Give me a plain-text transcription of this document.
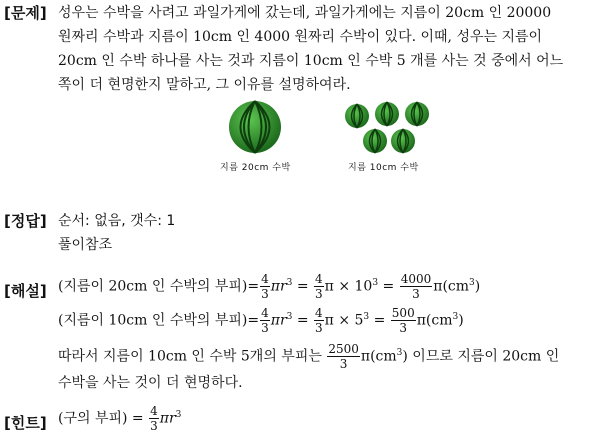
[문제] 성우는 수박을 사려고 과일가게에 갔는데, 과일가게에는 지름이 20cm 인 20000
원짜리 수박과 지름이 10cm 인 4000 원짜리 수박이 있다. 이때, 성우는 지름이
20cm 인 수박 하나를 사는 것과 지름이 10cm 인 수박 5 개를 사는 것 중에서 어느
쪽이 더 현명한지 말하고, 그 이유를 설명하여라.
지름 20cm 수박	지름 10cm 수박
[정답] 순서: 없음, 갯수: 1
풀이참조
[해설] (지름이 20cm 인 수박의 부피)= $\frac{4}{3} \pi r^3 = \frac{4}{3}$ $\pi \times 10^3 = \frac{4000}{3} \pi(cm^3)$
(지름이 10cm 인 수박의 부피)= $\frac{4}{3} \pi r^3 = \frac{4}{3}$ $\pi \times 5^3 = \frac{500}{3} \pi(cm^3)$
따라서 지름이 10cm 인 수박 5개의 부피는 $\frac{2500}{3} \pi(cm^3)$ 이므로 지름이 20cm 인
수박을 사는 것이 더 현명하다.
[힌트] (구의 부피) = $\frac{4}{3} \pi r^3$
